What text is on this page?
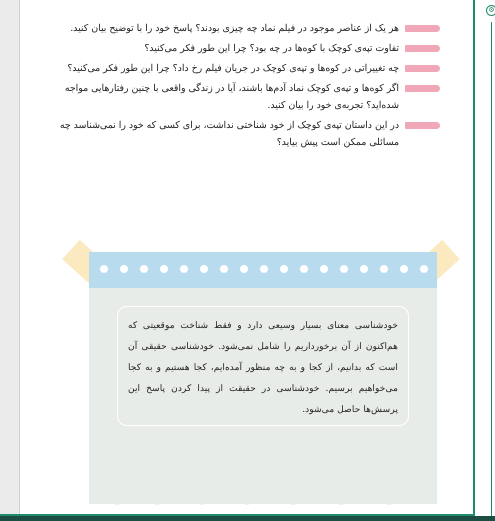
⚙
هر یک از عناصر موجود در فیلم نماد چه چیزی بودند؟ پاسخ خود را با توضیح بیان کنید.
تفاوت تپه‌ی کوچک با کوه‌ها در چه بود؟ چرا این طور فکر می‌کنید؟
چه تغییراتی در کوه‌ها و تپه‌ی کوچک در جریان فیلم رخ داد؟ چرا این طور فکر می‌کنید؟
اگر کوه‌ها و تپه‌ی کوچک نماد آدم‌ها باشند، آیا در زندگی واقعی با چنین رفتارهایی مواجه شده‌اید؟ تجربه‌ی خود را بیان کنید.
در این داستان تپه‌ی کوچک از خود شناختی نداشت، برای کسی که خود را نمی‌شناسد چه مسائلی ممکن است پیش بیاید؟

خودشناسی معنای بسیار وسیعی دارد و فقط شناخت موقعیتی که هم‌اکنون از آن برخورداریم را شامل نمی‌شود. خودشناسی حقیقی آن است که بدانیم، از کجا و به چه منظور آمده‌ایم، کجا هستیم و به کجا می‌خواهیم برسیم. خودشناسی در حقیقت از پیدا کردن پاسخ این پرسش‌ها حاصل می‌شود.
